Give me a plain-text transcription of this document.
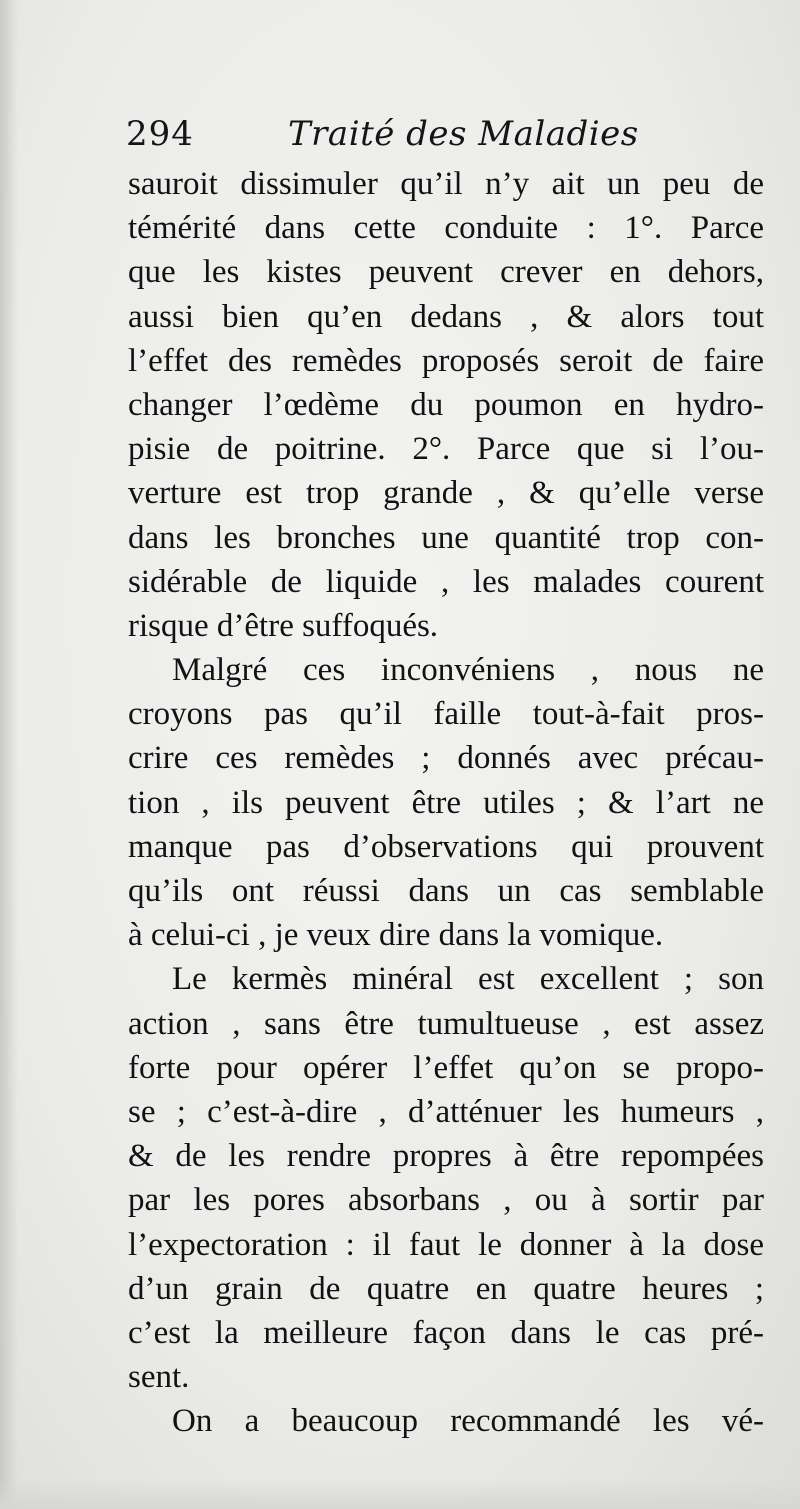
294	Traité des Maladies
sauroit dissimuler qu’il n’y ait un peu de
témérité dans cette conduite : 1°. Parce
que les kistes peuvent crever en dehors,
aussi bien qu’en dedans , & alors tout
l’effet des remèdes proposés seroit de faire
changer l’œdème du poumon en hydro-
pisie de poitrine. 2°. Parce que si l’ou-
verture est trop grande , & qu’elle verse
dans les bronches une quantité trop con-
sidérable de liquide , les malades courent
risque d’être suffoqués.
Malgré ces inconvéniens , nous ne
croyons pas qu’il faille tout-à-fait pros-
crire ces remèdes ; donnés avec précau-
tion , ils peuvent être utiles ; & l’art ne
manque pas d’observations qui prouvent
qu’ils ont réussi dans un cas semblable
à celui-ci , je veux dire dans la vomique.
Le kermès minéral est excellent ; son
action , sans être tumultueuse , est assez
forte pour opérer l’effet qu’on se propo-
se ; c’est-à-dire , d’atténuer les humeurs ,
& de les rendre propres à être repompées
par les pores absorbans , ou à sortir par
l’expectoration : il faut le donner à la dose
d’un grain de quatre en quatre heures ;
c’est la meilleure façon dans le cas pré-
sent.
On a beaucoup recommandé les vé-
